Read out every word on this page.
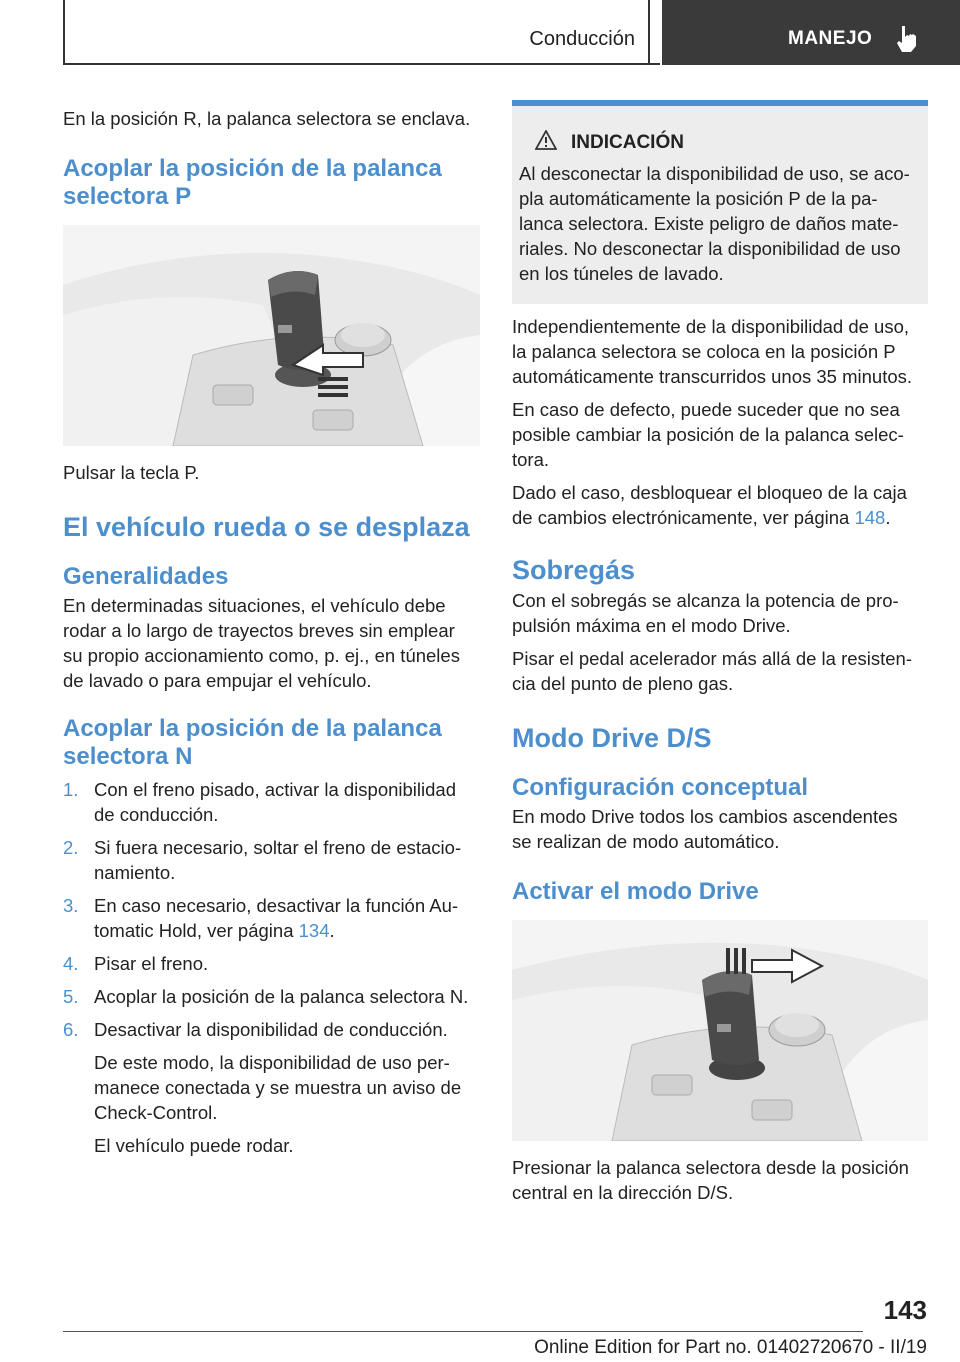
Conducción	MANEJO

En la posición R, la palanca selectora se enclava.

Acoplar la posición de la palanca
selectora P

Pulsar la tecla P.

El vehículo rueda o se desplaza
Generalidades

En determinadas situaciones, el vehículo debe

rodar a lo largo de trayectos breves sin emplear

su propio accionamiento como, p. ej., en túneles

de lavado o para empujar el vehículo.

Acoplar la posición de la palanca
selectora N
1. Con el freno pisado, activar la disponibilidad
de conducción.
2. Si fuera necesario, soltar el freno de estacio-
namiento.
3. En caso necesario, desactivar la función Au-
tomatic Hold, ver página 134.
4. Pisar el freno.
5. Acoplar la posición de la palanca selectora N.
6. Desactivar la disponibilidad de conducción.
De este modo, la disponibilidad de uso per-
manece conectada y se muestra un aviso de
Check-Control.
El vehículo puede rodar.
INDICACIÓN

Al desconectar la disponibilidad de uso, se aco-

pla automáticamente la posición P de la pa-

lanca selectora. Existe peligro de daños mate-

riales. No desconectar la disponibilidad de uso

en los túneles de lavado.

Independientemente de la disponibilidad de uso,

la palanca selectora se coloca en la posición P

automáticamente transcurridos unos 35 minutos.

En caso de defecto, puede suceder que no sea

posible cambiar la posición de la palanca selec-

tora.

Dado el caso, desbloquear el bloqueo de la caja

de cambios electrónicamente, ver página 148.

Sobregás

Con el sobregás se alcanza la potencia de pro-

pulsión máxima en el modo Drive.

Pisar el pedal acelerador más allá de la resisten-

cia del punto de pleno gas.

Modo Drive D/S
Configuración conceptual

En modo Drive todos los cambios ascendentes

se realizan de modo automático.

Activar el modo Drive

Presionar la palanca selectora desde la posición

central en la dirección D/S.

143
Online Edition for Part no. 01402720670 - II/19
